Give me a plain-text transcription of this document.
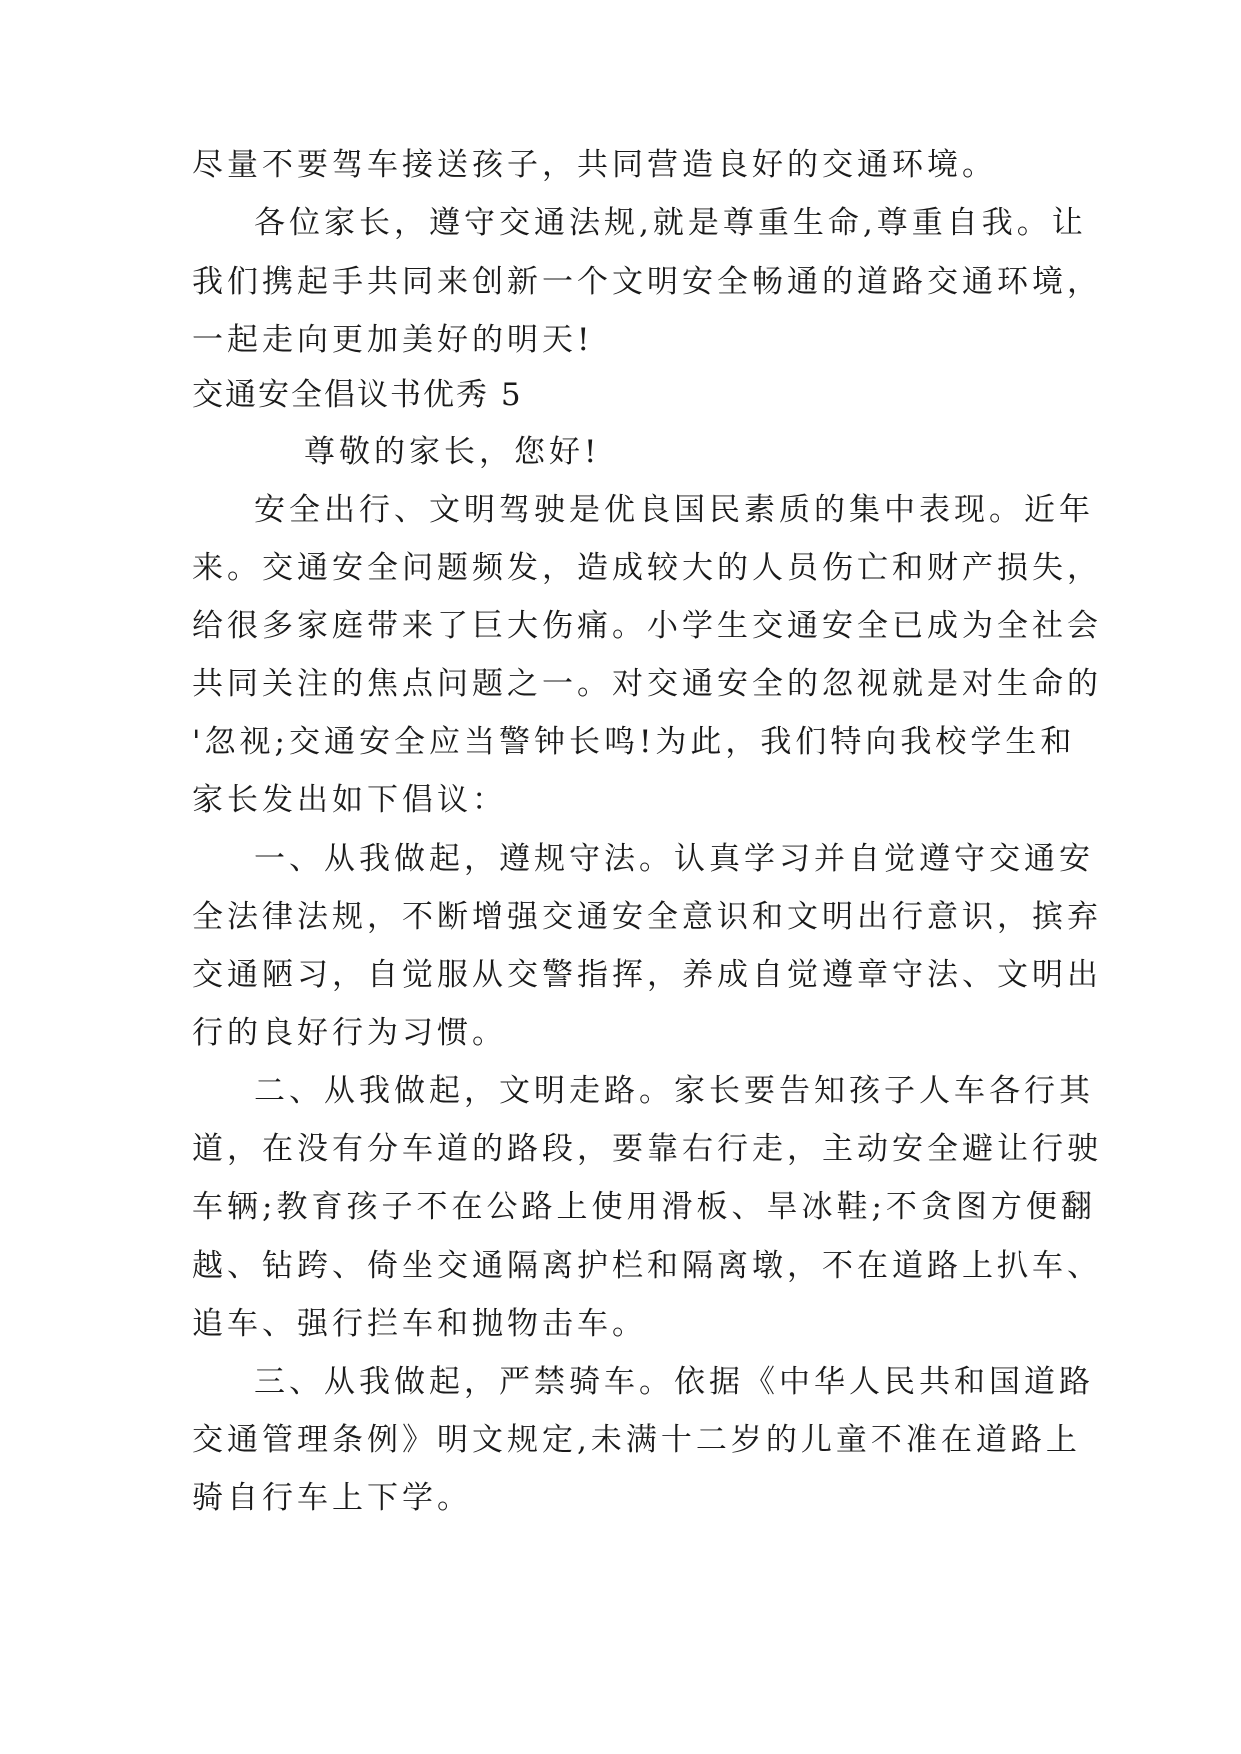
尽量不要驾车接送孩子，共同营造良好的交通环境。
各位家长，遵守交通法规,就是尊重生命,尊重自我。让
我们携起手共同来创新一个文明安全畅通的道路交通环境，
一起走向更加美好的明天!
交通安全倡议书优秀 5
尊敬的家长，您好!
安全出行、文明驾驶是优良国民素质的集中表现。近年
来。交通安全问题频发，造成较大的人员伤亡和财产损失，
给很多家庭带来了巨大伤痛。小学生交通安全已成为全社会
共同关注的焦点问题之一。对交通安全的忽视就是对生命的
'忽视;交通安全应当警钟长鸣!为此，我们特向我校学生和
家长发出如下倡议：
一、从我做起，遵规守法。认真学习并自觉遵守交通安
全法律法规，不断增强交通安全意识和文明出行意识，摈弃
交通陋习，自觉服从交警指挥，养成自觉遵章守法、文明出
行的良好行为习惯。
二、从我做起，文明走路。家长要告知孩子人车各行其
道，在没有分车道的路段，要靠右行走，主动安全避让行驶
车辆;教育孩子不在公路上使用滑板、旱冰鞋;不贪图方便翻
越、钻跨、倚坐交通隔离护栏和隔离墩，不在道路上扒车、
追车、强行拦车和抛物击车。
三、从我做起，严禁骑车。依据《中华人民共和国道路
交通管理条例》明文规定,未满十二岁的儿童不准在道路上
骑自行车上下学。
